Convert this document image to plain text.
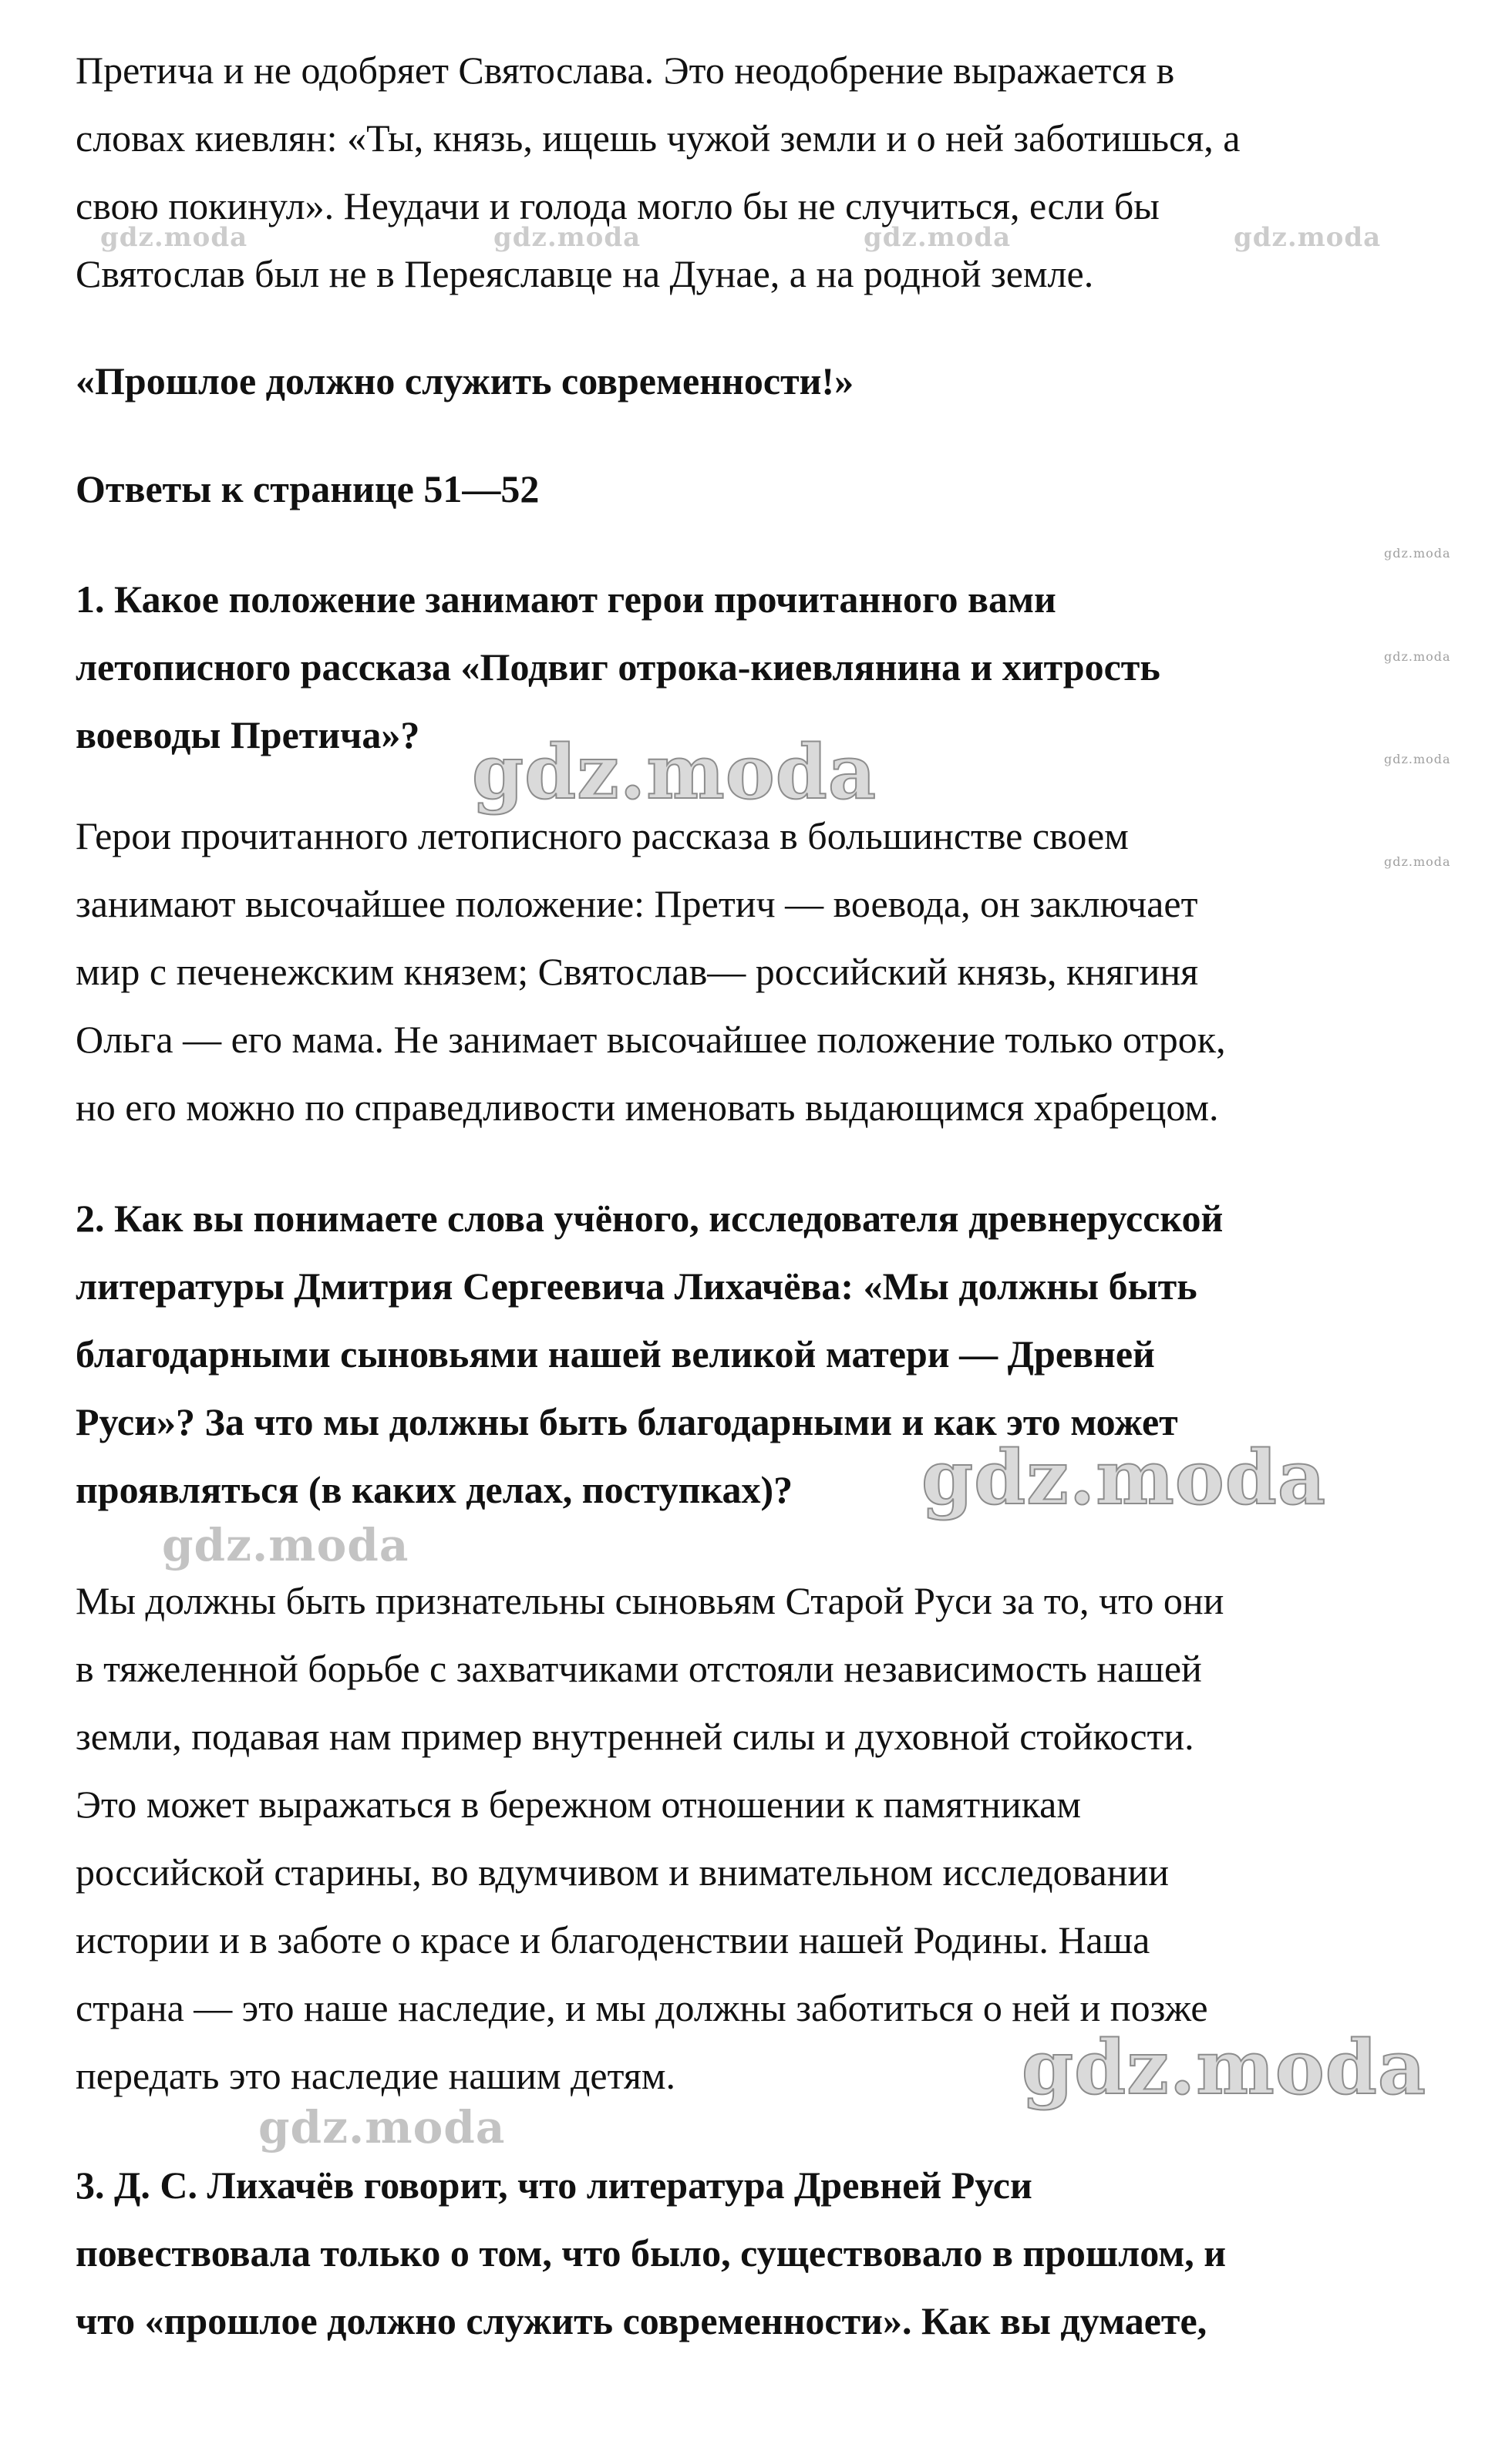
Претича и не одобряет Святослава. Это неодобрение выражается в
словах киевлян: «Ты, князь, ищешь чужой земли и о ней заботишься, а
свою покинул». Неудачи и голода могло бы не случиться, если бы
Святослав был не в Переяславце на Дунае, а на родной земле.

«Прошлое должно служить современности!»

Ответы к странице 51—52

1. Какое положение занимают герои прочитанного вами
летописного рассказа «Подвиг отрока-киевлянина и хитрость
воеводы Претича»?

Герои прочитанного летописного рассказа в большинстве своем
занимают высочайшее положение: Претич — воевода, он заключает
мир с печенежским князем; Святослав— российский князь, княгиня
Ольга — его мама. Не занимает высочайшее положение только отрок,
но его можно по справедливости именовать выдающимся храбрецом.

2. Как вы понимаете слова учёного, исследователя древнерусской
литературы Дмитрия Сергеевича Лихачёва: «Мы должны быть
благодарными сыновьями нашей великой матери — Древней
Руси»? За что мы должны быть благодарными и как это может
проявляться (в каких делах, поступках)?

Мы должны быть признательны сыновьям Старой Руси за то, что они
в тяжеленной борьбе с захватчиками отстояли независимость нашей
земли, подавая нам пример внутренней силы и духовной стойкости.
Это может выражаться в бережном отношении к памятникам
российской старины, во вдумчивом и внимательном исследовании
истории и в заботе о красе и благоденствии нашей Родины. Наша
страна — это наше наследие, и мы должны заботиться о ней и позже
передать это наследие нашим детям.

3. Д. С. Лихачёв говорит, что литература Древней Руси
повествовала только о том, что было, существовало в прошлом, и
что «прошлое должно служить современности». Как вы думаете,

gdz.moda	gdz.moda	gdz.moda	gdz.moda
gdz.moda
gdz.moda
gdz.moda
gdz.moda
gdz.moda
gdz.moda
gdz.moda
gdz.moda
gdz.moda
